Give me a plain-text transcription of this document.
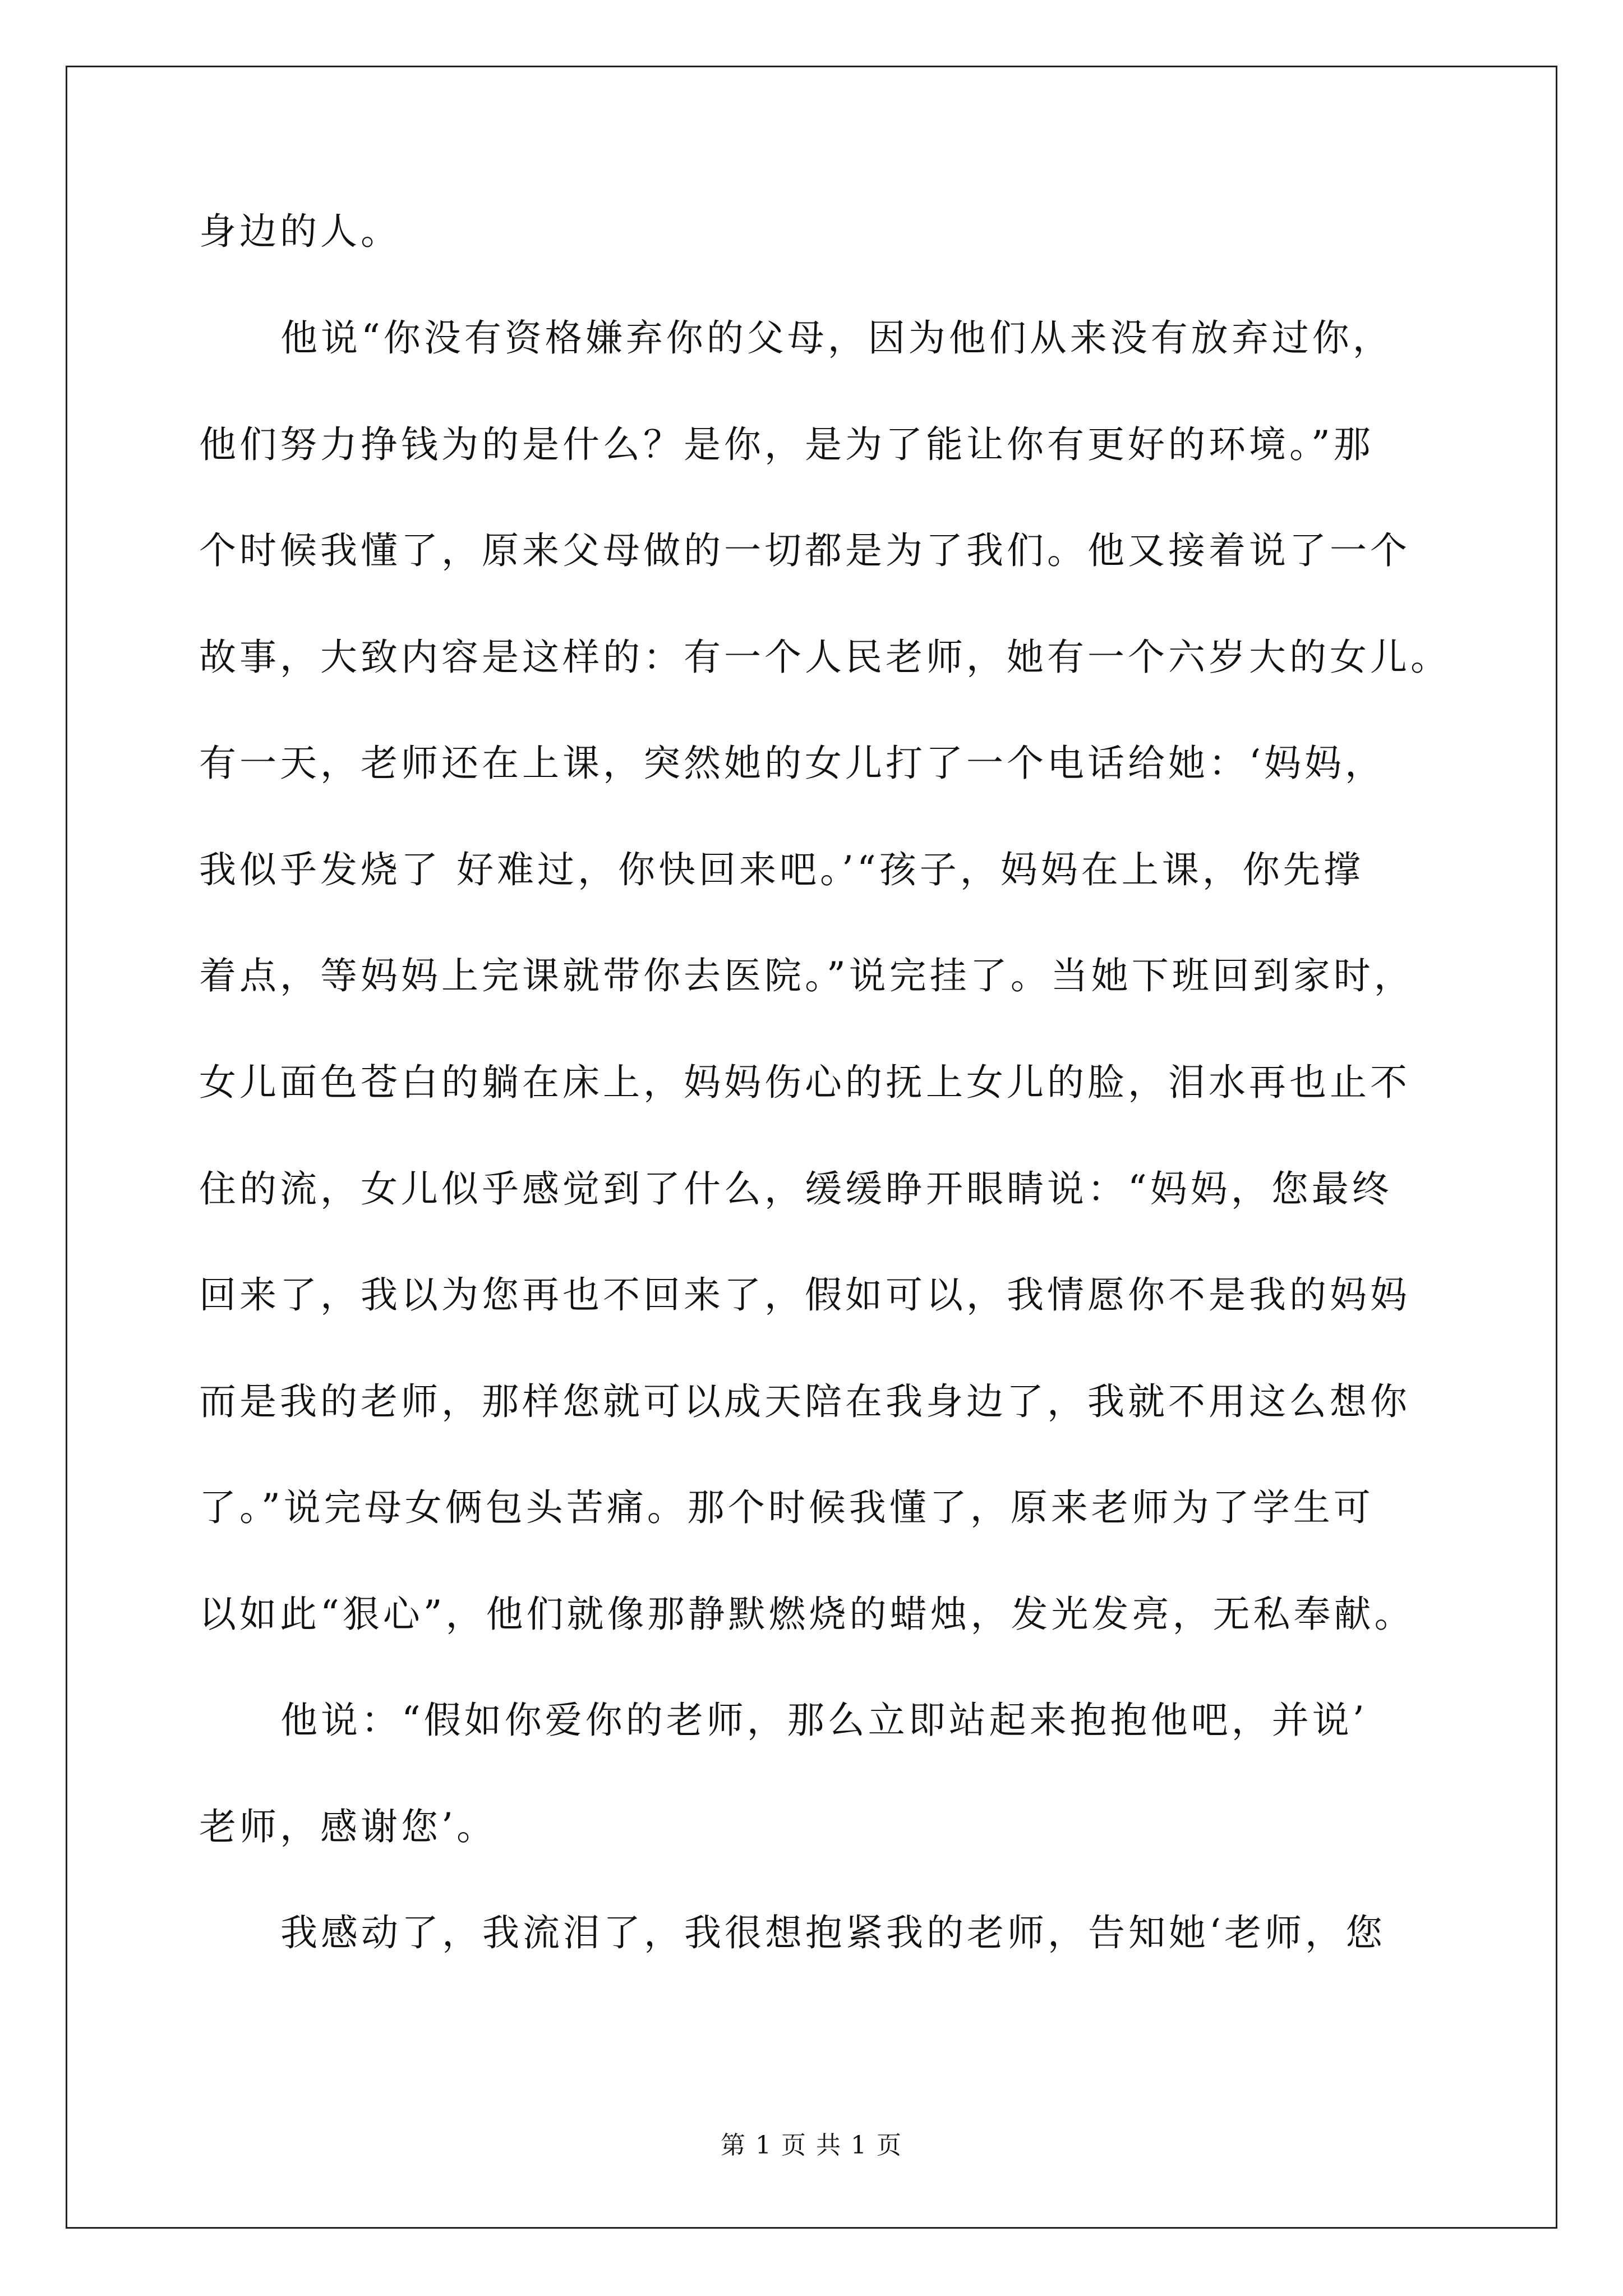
身边的人。
他说“你没有资格嫌弃你的父母，因为他们从来没有放弃过你，
他们努力挣钱为的是什么？是你，是为了能让你有更好的环境。”那
个时候我懂了，原来父母做的一切都是为了我们。他又接着说了一个
故事，大致内容是这样的：有一个人民老师，她有一个六岁大的女儿。
有一天，老师还在上课，突然她的女儿打了一个电话给她：‘妈妈，
我似乎发烧了 好难过，你快回来吧。’“孩子，妈妈在上课，你先撑
着点，等妈妈上完课就带你去医院。”说完挂了。当她下班回到家时，
女儿面色苍白的躺在床上，妈妈伤心的抚上女儿的脸，泪水再也止不
住的流，女儿似乎感觉到了什么，缓缓睁开眼睛说：“妈妈，您最终
回来了，我以为您再也不回来了，假如可以，我情愿你不是我的妈妈
而是我的老师，那样您就可以成天陪在我身边了，我就不用这么想你
了。”说完母女俩包头苦痛。那个时候我懂了，原来老师为了学生可
以如此“狠心”，他们就像那静默燃烧的蜡烛，发光发亮，无私奉献。
他说：“假如你爱你的老师，那么立即站起来抱抱他吧，并说’
老师，感谢您’。
我感动了，我流泪了，我很想抱紧我的老师，告知她‘老师，您
第 1 页 共 1 页
